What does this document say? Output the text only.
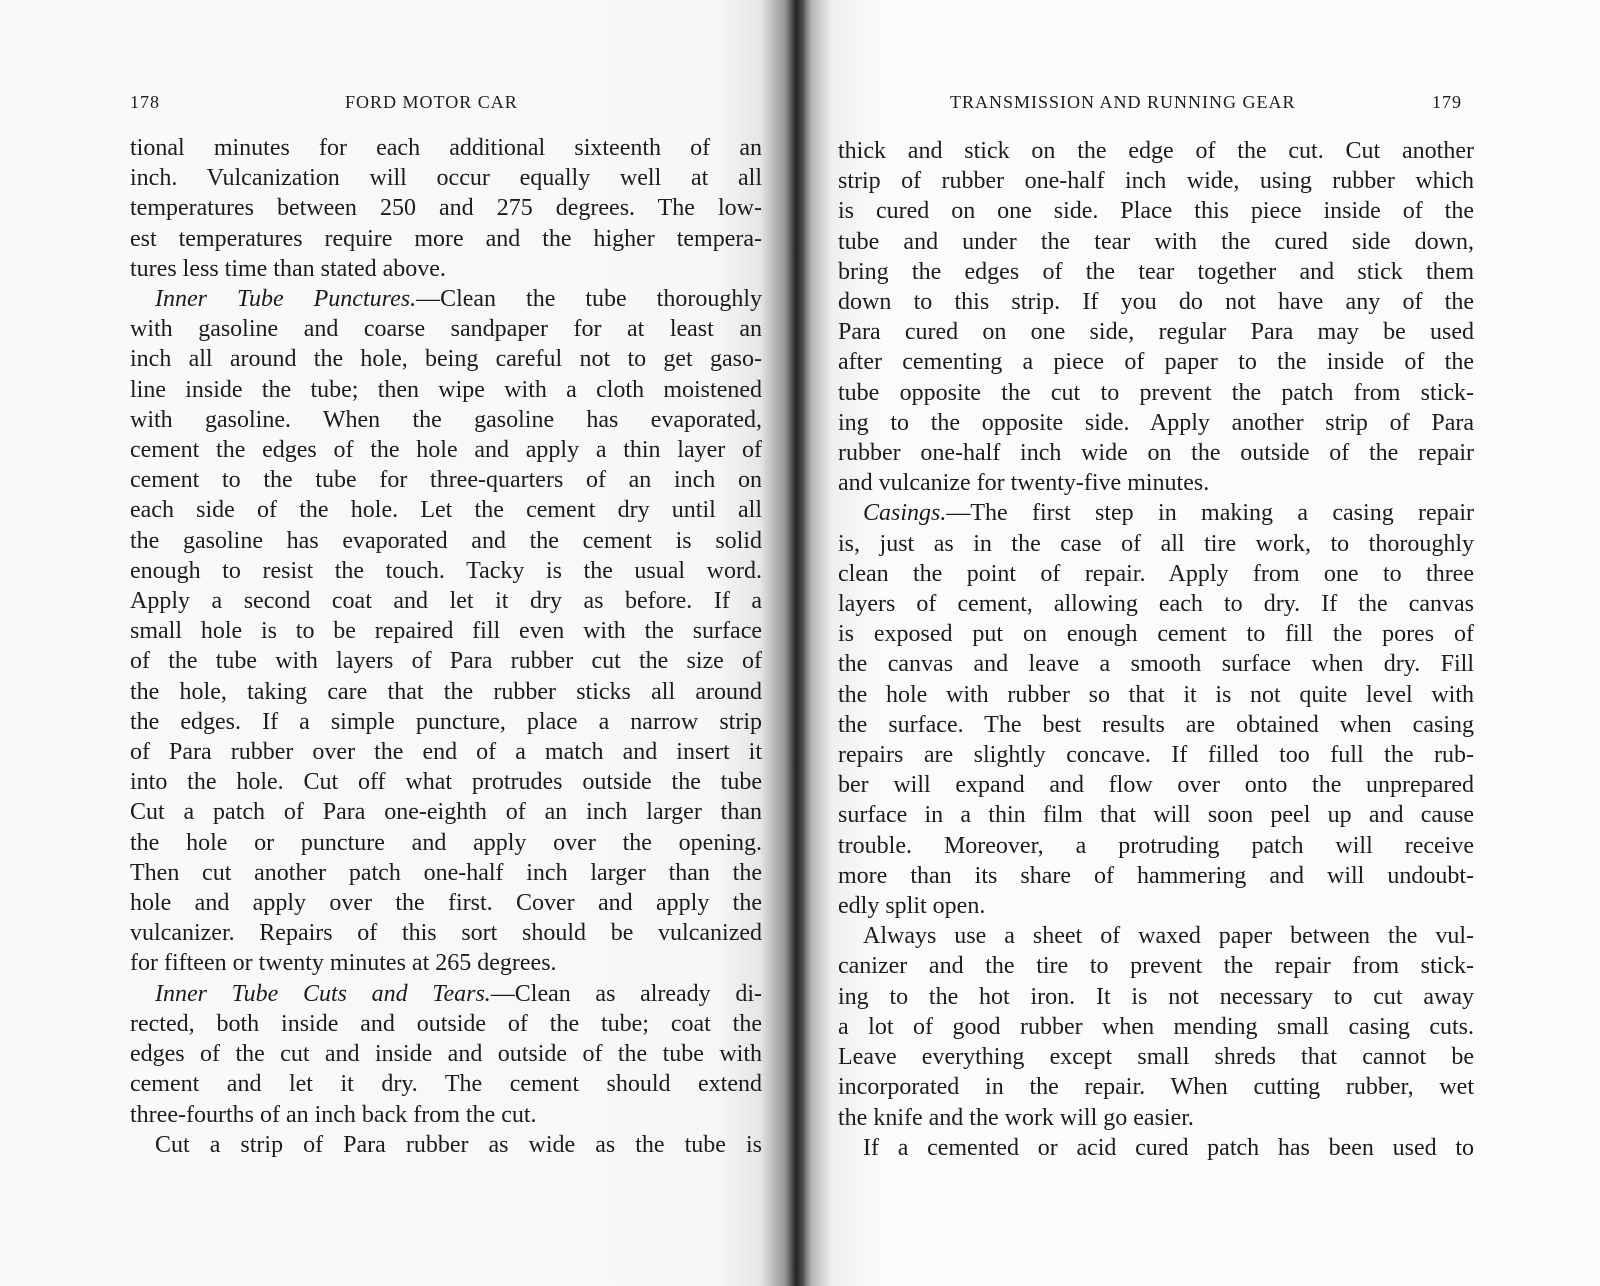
178	FORD MOTOR CAR
tional minutes for each additional sixteenth of an
inch. Vulcanization will occur equally well at all
temperatures between 250 and 275 degrees. The low-
est temperatures require more and the higher tempera-
tures less time than stated above.
Inner Tube Punctures.—Clean the tube thoroughly
with gasoline and coarse sandpaper for at least an
inch all around the hole, being careful not to get gaso-
line inside the tube; then wipe with a cloth moistened
with gasoline. When the gasoline has evaporated,
cement the edges of the hole and apply a thin layer of
cement to the tube for three-quarters of an inch on
each side of the hole. Let the cement dry until all
the gasoline has evaporated and the cement is solid
enough to resist the touch. Tacky is the usual word.
Apply a second coat and let it dry as before. If a
small hole is to be repaired fill even with the surface
of the tube with layers of Para rubber cut the size of
the hole, taking care that the rubber sticks all around
the edges. If a simple puncture, place a narrow strip
of Para rubber over the end of a match and insert it
into the hole. Cut off what protrudes outside the tube
Cut a patch of Para one-eighth of an inch larger than
the hole or puncture and apply over the opening.
Then cut another patch one-half inch larger than the
hole and apply over the first. Cover and apply the
vulcanizer. Repairs of this sort should be vulcanized
for fifteen or twenty minutes at 265 degrees.
Inner Tube Cuts and Tears.—Clean as already di-
rected, both inside and outside of the tube; coat the
edges of the cut and inside and outside of the tube with
cement and let it dry. The cement should extend
three-fourths of an inch back from the cut.
Cut a strip of Para rubber as wide as the tube is
TRANSMISSION AND RUNNING GEAR	179
thick and stick on the edge of the cut. Cut another
strip of rubber one-half inch wide, using rubber which
is cured on one side. Place this piece inside of the
tube and under the tear with the cured side down,
bring the edges of the tear together and stick them
down to this strip. If you do not have any of the
Para cured on one side, regular Para may be used
after cementing a piece of paper to the inside of the
tube opposite the cut to prevent the patch from stick-
ing to the opposite side. Apply another strip of Para
rubber one-half inch wide on the outside of the repair
and vulcanize for twenty-five minutes.
Casings.—The first step in making a casing repair
is, just as in the case of all tire work, to thoroughly
clean the point of repair. Apply from one to three
layers of cement, allowing each to dry. If the canvas
is exposed put on enough cement to fill the pores of
the canvas and leave a smooth surface when dry. Fill
the hole with rubber so that it is not quite level with
the surface. The best results are obtained when casing
repairs are slightly concave. If filled too full the rub-
ber will expand and flow over onto the unprepared
surface in a thin film that will soon peel up and cause
trouble. Moreover, a protruding patch will receive
more than its share of hammering and will undoubt-
edly split open.
Always use a sheet of waxed paper between the vul-
canizer and the tire to prevent the repair from stick-
ing to the hot iron. It is not necessary to cut away
a lot of good rubber when mending small casing cuts.
Leave everything except small shreds that cannot be
incorporated in the repair. When cutting rubber, wet
the knife and the work will go easier.
If a cemented or acid cured patch has been used to
